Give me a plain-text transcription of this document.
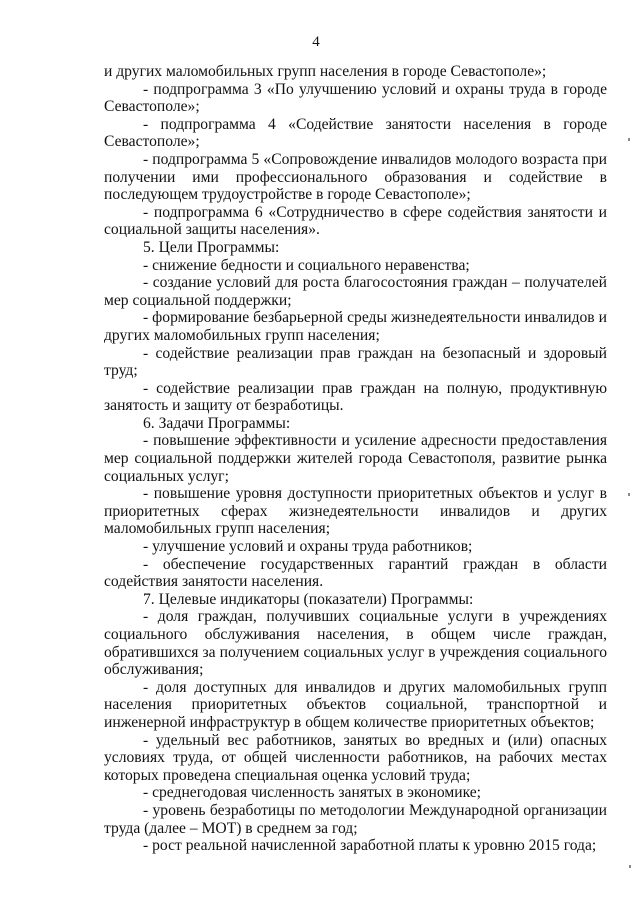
4

и других маломобильных групп населения в городе Севастополе»;

- подпрограмма 3 «По улучшению условий и охраны труда в городе Севастополе»;

- подпрограмма 4 «Содействие занятости населения в городе Севастополе»;

- подпрограмма 5 «Сопровождение инвалидов молодого возраста при получении ими профессионального образования и содействие в последующем трудоустройстве в городе Севастополе»;

- подпрограмма 6 «Сотрудничество в сфере содействия занятости и социальной защиты населения».

5. Цели Программы:

- снижение бедности и социального неравенства;

- создание условий для роста благосостояния граждан – получателей мер социальной поддержки;

- формирование безбарьерной среды жизнедеятельности инвалидов и других маломобильных групп населения;

- содействие реализации прав граждан на безопасный и здоровый труд;

- содействие реализации прав граждан на полную, продуктивную занятость и защиту от безработицы.

6. Задачи Программы:

- повышение эффективности и усиление адресности предоставления мер социальной поддержки жителей города Севастополя, развитие рынка социальных услуг;

- повышение уровня доступности приоритетных объектов и услуг в приоритетных сферах жизнедеятельности инвалидов и других маломобильных групп населения;

- улучшение условий и охраны труда работников;

- обеспечение государственных гарантий граждан в области содействия занятости населения.

7. Целевые индикаторы (показатели) Программы:

- доля граждан, получивших социальные услуги в учреждениях социального обслуживания населения, в общем числе граждан, обратившихся за получением социальных услуг в учреждения социального обслуживания;

- доля доступных для инвалидов и других маломобильных групп населения приоритетных объектов социальной, транспортной и инженерной инфраструктур в общем количестве приоритетных объектов;

- удельный вес работников, занятых во вредных и (или) опасных условиях труда, от общей численности работников, на рабочих местах которых проведена специальная оценка условий труда;

- среднегодовая численность занятых в экономике;

- уровень безработицы по методологии Международной организации труда (далее – МОТ) в среднем за год;

- рост реальной начисленной заработной платы к уровню 2015 года;
